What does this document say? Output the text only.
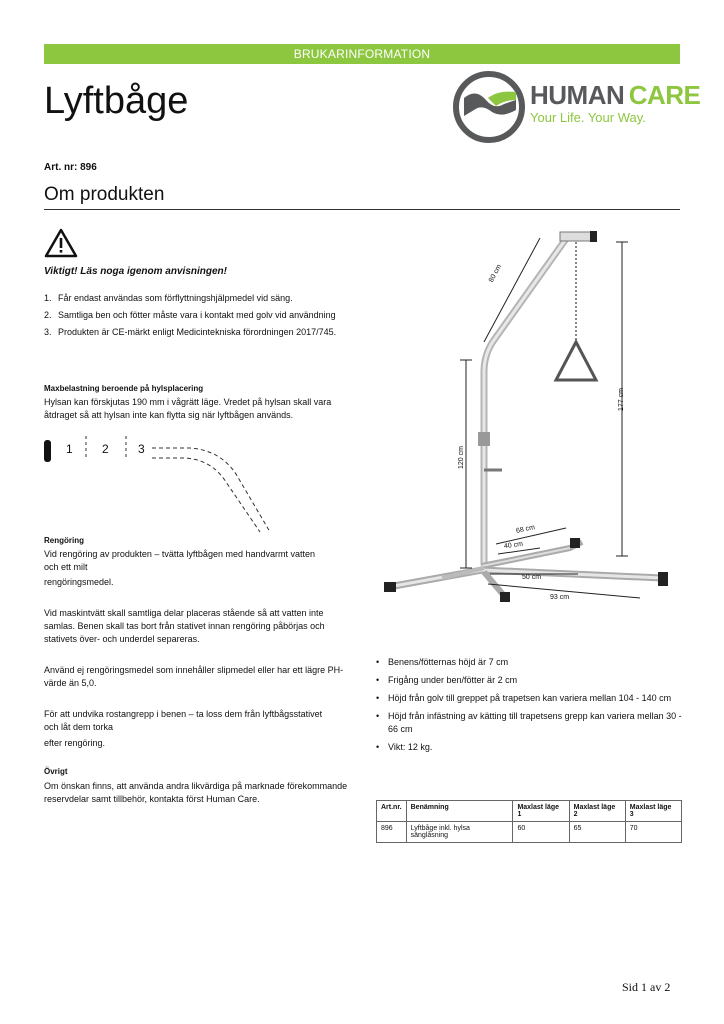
BRUKARINFORMATION
Lyftbåge	HUMAN CARE
Your Life. Your Way.
Art. nr: 896
Om produkten
Viktigt! Läs noga igenom anvisningen!
1. Får endast användas som förflyttningshjälpmedel vid säng.
2. Samtliga ben och fötter måste vara i kontakt med golv vid användning
3. Produkten är CE-märkt enligt Medicintekniska förordningen 2017/745.
Maxbelastning beroende på hylsplacering
Hylsan kan förskjutas 190 mm i vågrätt läge. Vredet på hylsan skall vara åtdraget så att hylsan inte kan flytta sig när lyftbågen används.
1 2 3
Rengöring
Vid rengöring av produkten – tvätta lyftbågen med handvarmt vatten och ett milt
rengöringsmedel.
Vid maskintvätt skall samtliga delar placeras stående så att vatten inte samlas. Benen skall tas bort från stativet innan rengöring påbörjas och stativets över- och underdel separeras.
Använd ej rengöringsmedel som innehåller slipmedel eller har ett lägre PH-värde än 5,0.
För att undvika rostangrepp i benen – ta loss dem från lyftbågsstativet och låt dem torka
efter rengöring.
Övrigt
Om önskan finns, att använda andra likvärdiga på marknade förekommande reservdelar samt tillbehör, kontakta först Human Care.
80 cm
177 cm
120 cm
68 cm
40 cm
50 cm
93 cm
• Benens/fötternas höjd är 7 cm
• Frigång under ben/fötter är 2 cm
• Höjd från golv till greppet på trapetsen kan variera mellan 104 - 140 cm
• Höjd från infästning av kätting till trapetsens grepp kan variera mellan 30 - 66 cm
• Vikt: 12 kg.
Art.nr.	Benämning	Maxlast läge 1	Maxlast läge 2	Maxlast läge 3
896	Lyftbåge inkl. hylsa sänglåsning	60	65	70
Sid 1 av 2
